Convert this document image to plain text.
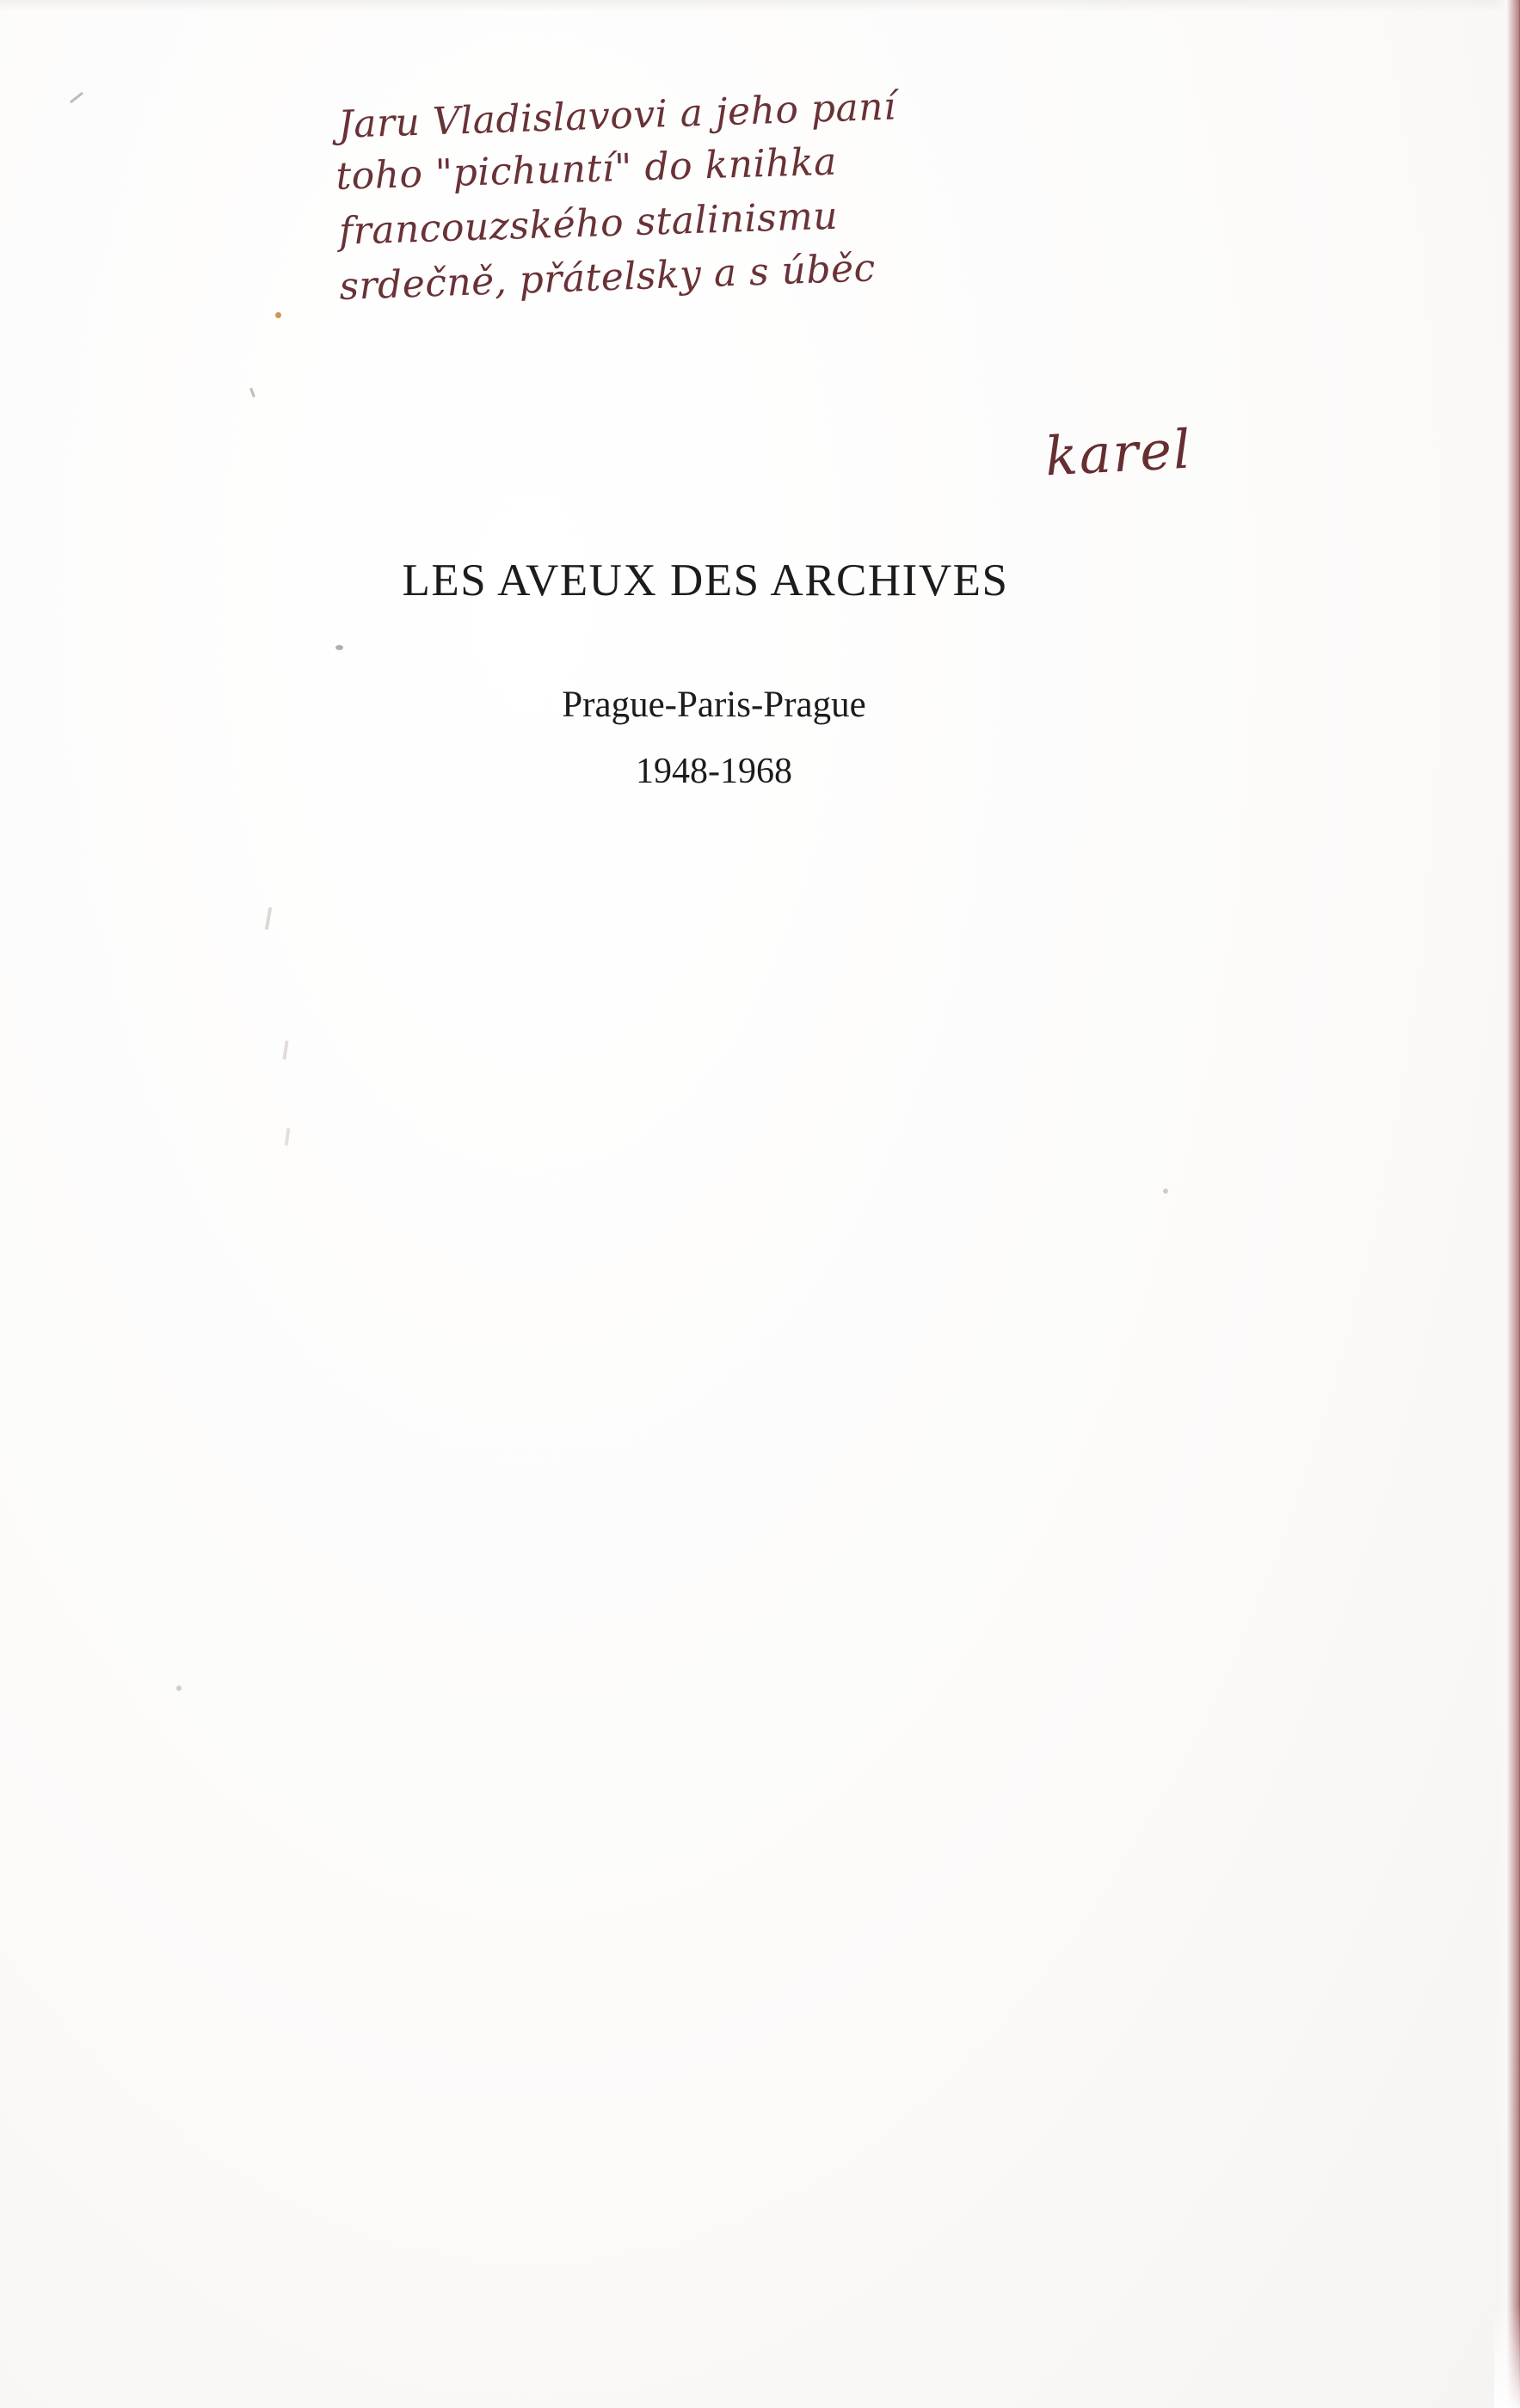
Jaru Vladislavovi a jeho paní
toho "pichuntí" do knihka
francouzského stalinismu
srdečně, přátelsky a s úběc
karel
LES AVEUX DES ARCHIVES
Prague-Paris-Prague
1948-1968
